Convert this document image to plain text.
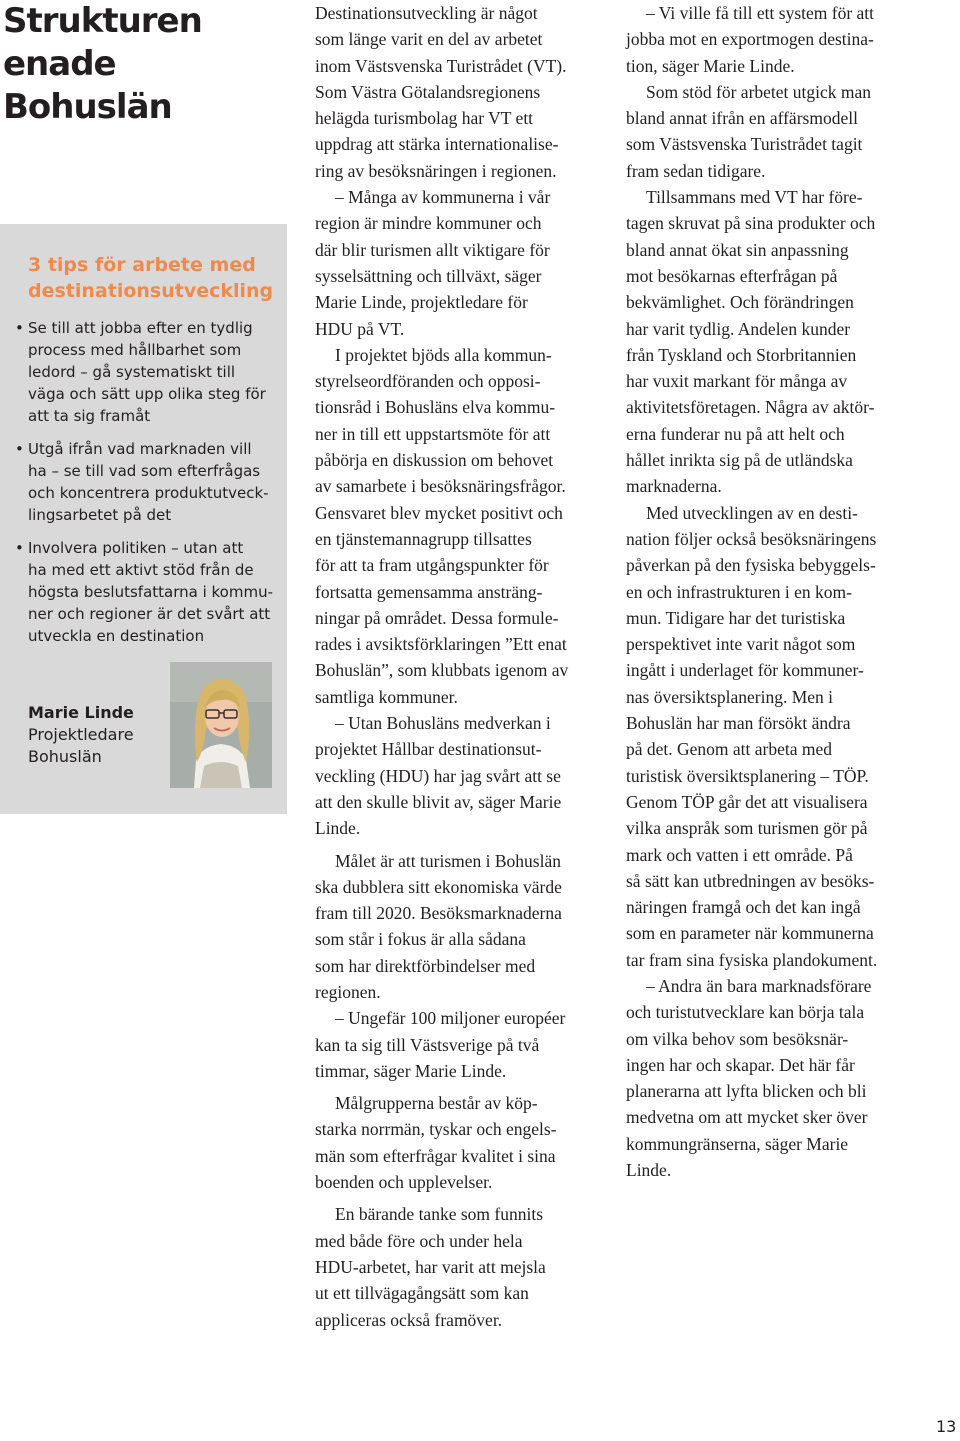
Strukturen
enade Bohuslän
3 tips för arbete med
destinationsutveckling
• Se till att jobba efter en tydlig
process med hållbarhet som
ledord – gå systematiskt till
väga och sätt upp olika steg för
att ta sig framåt
• Utgå ifrån vad marknaden vill
ha – se till vad som efterfrågas
och koncentrera produktutveck-
lingsarbetet på det
• Involvera politiken – utan att
ha med ett aktivt stöd från de
högsta beslutsfattarna i kommu-
ner och regioner är det svårt att
utveckla en destination
Marie Linde
Projektledare
Bohuslän

Destinationsutveckling är något
som länge varit en del av arbetet
inom Västsvenska Turistrådet (VT).
Som Västra Götalandsregionens
helägda turismbolag har VT ett
uppdrag att stärka internationalise-
ring av besöksnäringen i regionen.

– Många av kommunerna i vår
region är mindre kommuner och
där blir turismen allt viktigare för
sysselsättning och tillväxt, säger
Marie Linde, projektledare för
HDU på VT.

I projektet bjöds alla kommun-
styrelseordföranden och opposi-
tionsråd i Bohusläns elva kommu-
ner in till ett uppstartsmöte för att
påbörja en diskussion om behovet
av samarbete i besöksnäringsfrågor.
Gensvaret blev mycket positivt och
en tjänstemannagrupp tillsattes
för att ta fram utgångspunkter för
fortsatta gemensamma ansträng-
ningar på området. Dessa formule-
rades i avsiktsförklaringen ”Ett enat
Bohuslän”, som klubbats igenom av
samtliga kommuner.

– Utan Bohusläns medverkan i
projektet Hållbar destinationsut-
veckling (HDU) har jag svårt att se
att den skulle blivit av, säger Marie
Linde.

Målet är att turismen i Bohuslän
ska dubblera sitt ekonomiska värde
fram till 2020. Besöksmarknaderna
som står i fokus är alla sådana
som har direktförbindelser med
regionen.

– Ungefär 100 miljoner européer
kan ta sig till Västsverige på två
timmar, säger Marie Linde.

Målgrupperna består av köp-
starka norrmän, tyskar och engels-
män som efterfrågar kvalitet i sina
boenden och upplevelser.

En bärande tanke som funnits
med både före och under hela
HDU-arbetet, har varit att mejsla
ut ett tillvägagångsätt som kan
appliceras också framöver.

– Vi ville få till ett system för att
jobba mot en exportmogen destina-
tion, säger Marie Linde.

Som stöd för arbetet utgick man
bland annat ifrån en affärsmodell
som Västsvenska Turistrådet tagit
fram sedan tidigare.

Tillsammans med VT har före-
tagen skruvat på sina produkter och
bland annat ökat sin anpassning
mot besökarnas efterfrågan på
bekvämlighet. Och förändringen
har varit tydlig. Andelen kunder
från Tyskland och Storbritannien
har vuxit markant för många av
aktivitetsföretagen. Några av aktör-
erna funderar nu på att helt och
hållet inrikta sig på de utländska
marknaderna.

Med utvecklingen av en desti-
nation följer också besöksnäringens
påverkan på den fysiska bebyggels-
en och infrastrukturen i en kom-
mun. Tidigare har det turistiska
perspektivet inte varit något som
ingått i underlaget för kommuner-
nas översiktsplanering. Men i
Bohuslän har man försökt ändra
på det. Genom att arbeta med
turistisk översiktsplanering – TÖP.
Genom TÖP går det att visualisera
vilka anspråk som turismen gör på
mark och vatten i ett område. På
så sätt kan utbredningen av besöks-
näringen framgå och det kan ingå
som en parameter när kommunerna
tar fram sina fysiska plandokument.

– Andra än bara marknadsförare
och turistutvecklare kan börja tala
om vilka behov som besöksnär-
ingen har och skapar. Det här får
planerarna att lyfta blicken och bli
medvetna om att mycket sker över
kommungränserna, säger Marie
Linde.

13
